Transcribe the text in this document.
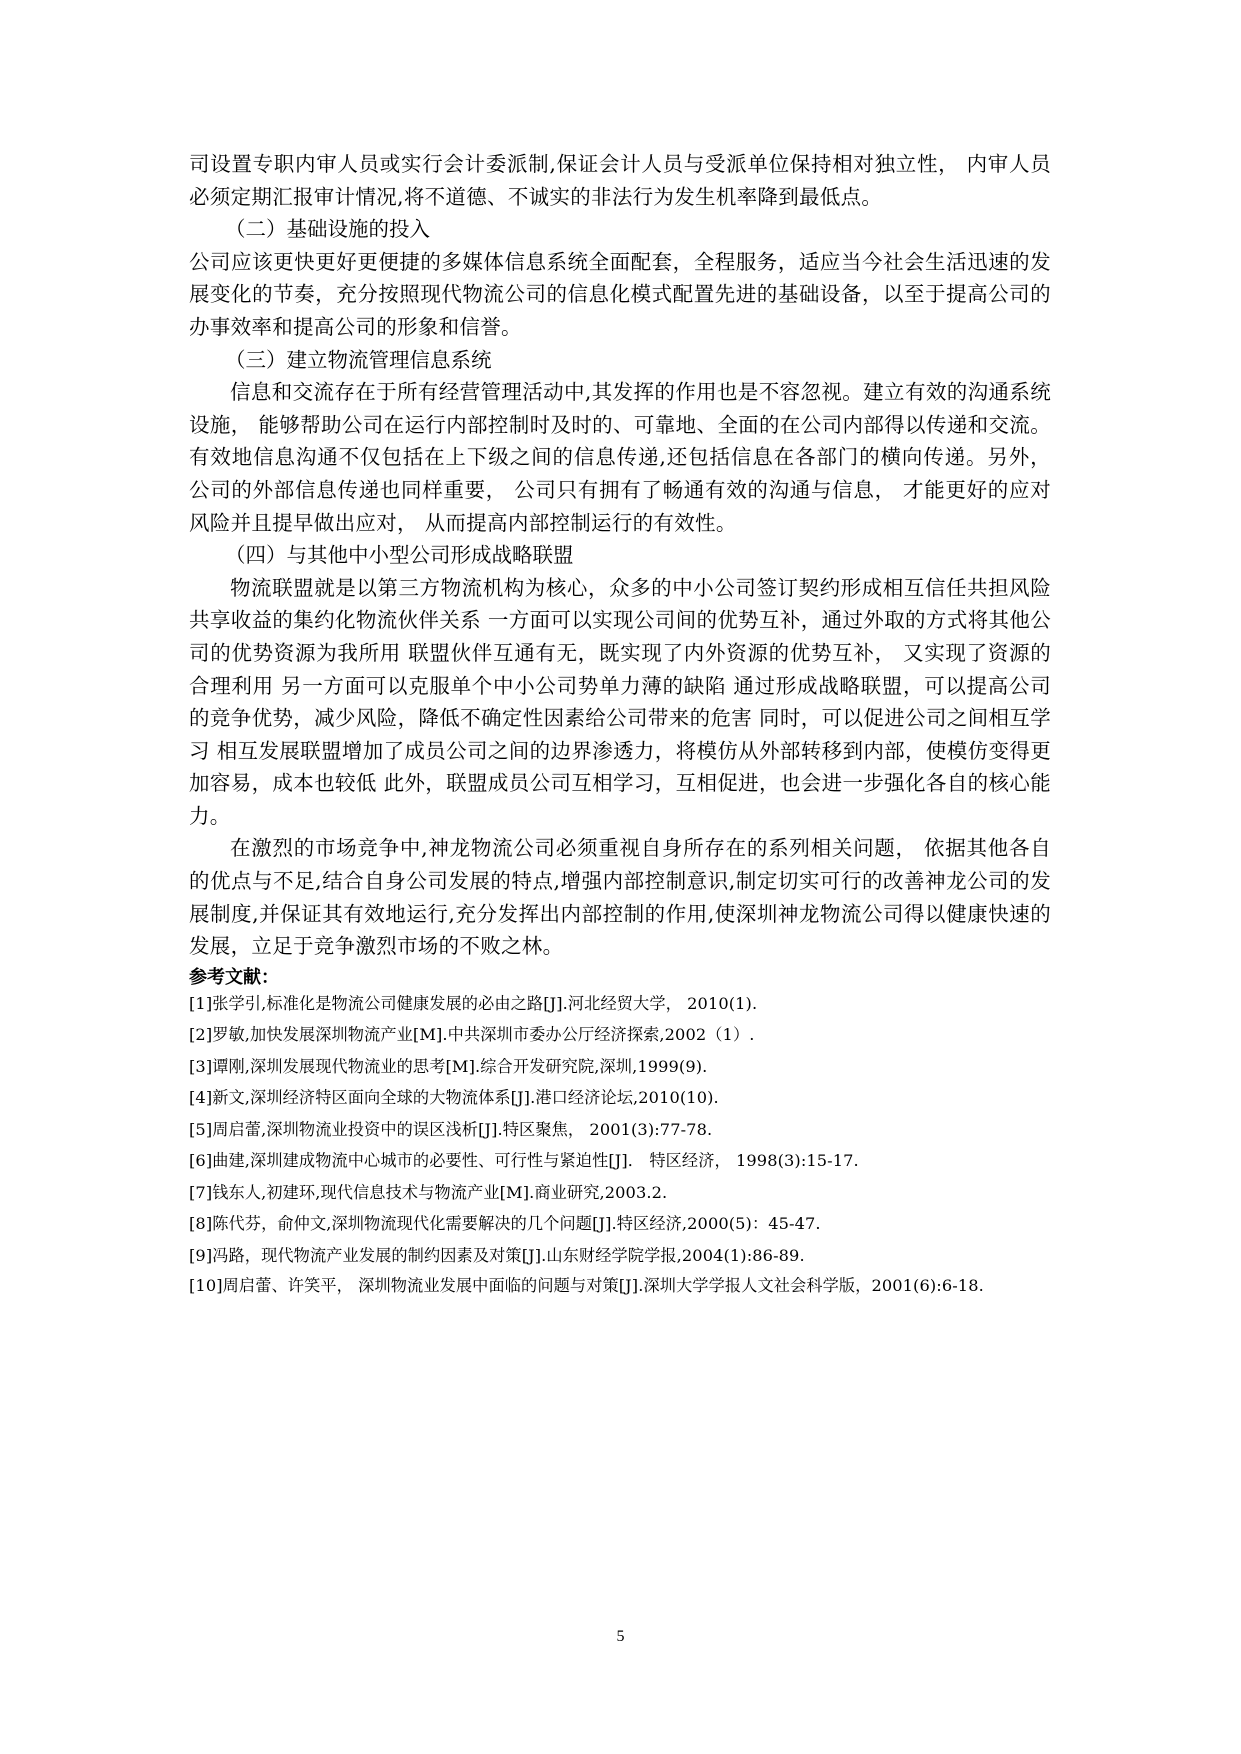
司设置专职内审人员或实行会计委派制,保证会计人员与受派单位保持相对独立性， 内审人员必须定期汇报审计情况,将不道德、不诚实的非法行为发生机率降到最低点。

（二）基础设施的投入

公司应该更快更好更便捷的多媒体信息系统全面配套，全程服务，适应当今社会生活迅速的发展变化的节奏，充分按照现代物流公司的信息化模式配置先进的基础设备，以至于提高公司的办事效率和提高公司的形象和信誉。

（三）建立物流管理信息系统

信息和交流存在于所有经营管理活动中,其发挥的作用也是不容忽视。建立有效的沟通系统设施， 能够帮助公司在运行内部控制时及时的、可靠地、全面的在公司内部得以传递和交流。有效地信息沟通不仅包括在上下级之间的信息传递,还包括信息在各部门的横向传递。另外， 公司的外部信息传递也同样重要， 公司只有拥有了畅通有效的沟通与信息， 才能更好的应对风险并且提早做出应对， 从而提高内部控制运行的有效性。

（四）与其他中小型公司形成战略联盟

物流联盟就是以第三方物流机构为核心，众多的中小公司签订契约形成相互信任共担风险共享收益的集约化物流伙伴关系 一方面可以实现公司间的优势互补，通过外取的方式将其他公司的优势资源为我所用 联盟伙伴互通有无，既实现了内外资源的优势互补， 又实现了资源的合理利用 另一方面可以克服单个中小公司势单力薄的缺陷 通过形成战略联盟，可以提高公司的竞争优势，减少风险，降低不确定性因素给公司带来的危害 同时，可以促进公司之间相互学习 相互发展联盟增加了成员公司之间的边界渗透力，将模仿从外部转移到内部，使模仿变得更加容易，成本也较低 此外，联盟成员公司互相学习，互相促进，也会进一步强化各自的核心能力。

在激烈的市场竞争中,神龙物流公司必须重视自身所存在的系列相关问题， 依据其他各自的优点与不足,结合自身公司发展的特点,增强内部控制意识,制定切实可行的改善神龙公司的发展制度,并保证其有效地运行,充分发挥出内部控制的作用,使深圳神龙物流公司得以健康快速的发展，立足于竞争激烈市场的不败之林。

参考文献：

[1]张学引,标准化是物流公司健康发展的必由之路[J].河北经贸大学， 2010(1).
[2]罗敏,加快发展深圳物流产业[M].中共深圳市委办公厅经济探索,2002（1）.
[3]谭刚,深圳发展现代物流业的思考[M].综合开发研究院,深圳,1999(9).
[4]新文,深圳经济特区面向全球的大物流体系[J].港口经济论坛,2010(10).
[5]周启蕾,深圳物流业投资中的误区浅析[J].特区聚焦， 2001(3):77-78.
[6]曲建,深圳建成物流中心城市的必要性、可行性与紧迫性[J]． 特区经济， 1998(3):15-17.
[7]钱东人,初建环,现代信息技术与物流产业[M].商业研究,2003.2.
[8]陈代芬，俞仲文,深圳物流现代化需要解决的几个问题[J].特区经济,2000(5)：45-47.
[9]冯路，现代物流产业发展的制约因素及对策[J].山东财经学院学报,2004(1):86-89.
[10]周启蕾、许笑平， 深圳物流业发展中面临的问题与对策[J].深圳大学学报人文社会科学版，2001(6):6-18.
5
